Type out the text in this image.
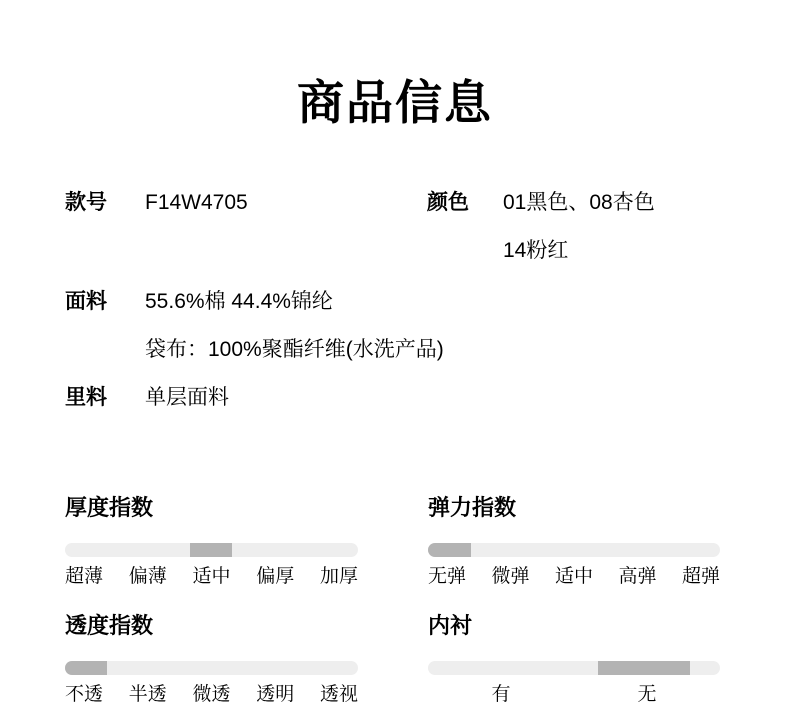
商品信息
款号 F14W4705	颜色 01黑色、08杏色
14粉红
面料 55.6%棉 44.4%锦纶
袋布：100%聚酯纤维(水洗产品)
里料 单层面料
厚度指数
超薄 偏薄 适中 偏厚 加厚
弹力指数
无弹 微弹 适中 高弹 超弹
透度指数
不透 半透 微透 透明 透视
内衬
有	无
